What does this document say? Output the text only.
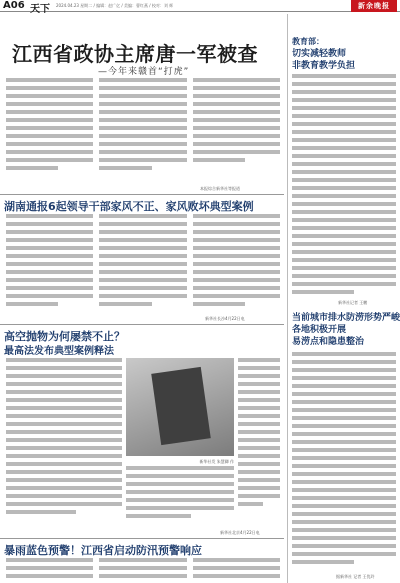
A06 天下 2024.04.23 星期二 / 编辑：赵广亿 / 美编：曹红燕 / 校对：刘 辉	新余晚报
江西省政协主席唐一军被查
—今年来赣首“打虎”
本报综合新华社等报道
湖南通报6起领导干部家风不正、家风败坏典型案例
新华社长沙4月22日电
高空抛物为何屡禁不止？
最高法发布典型案例释法
新华社发 朱慧卿 作
新华社北京4月22日电
暴雨蓝色预警！江西省启动防汛预警响应
教育部：
切实减轻教师
非教育教学负担
新华社记者 王鹏
当前城市排水防涝形势严峻
各地积极开展
易涝点和隐患整治
据新华社 记者 王优玲
